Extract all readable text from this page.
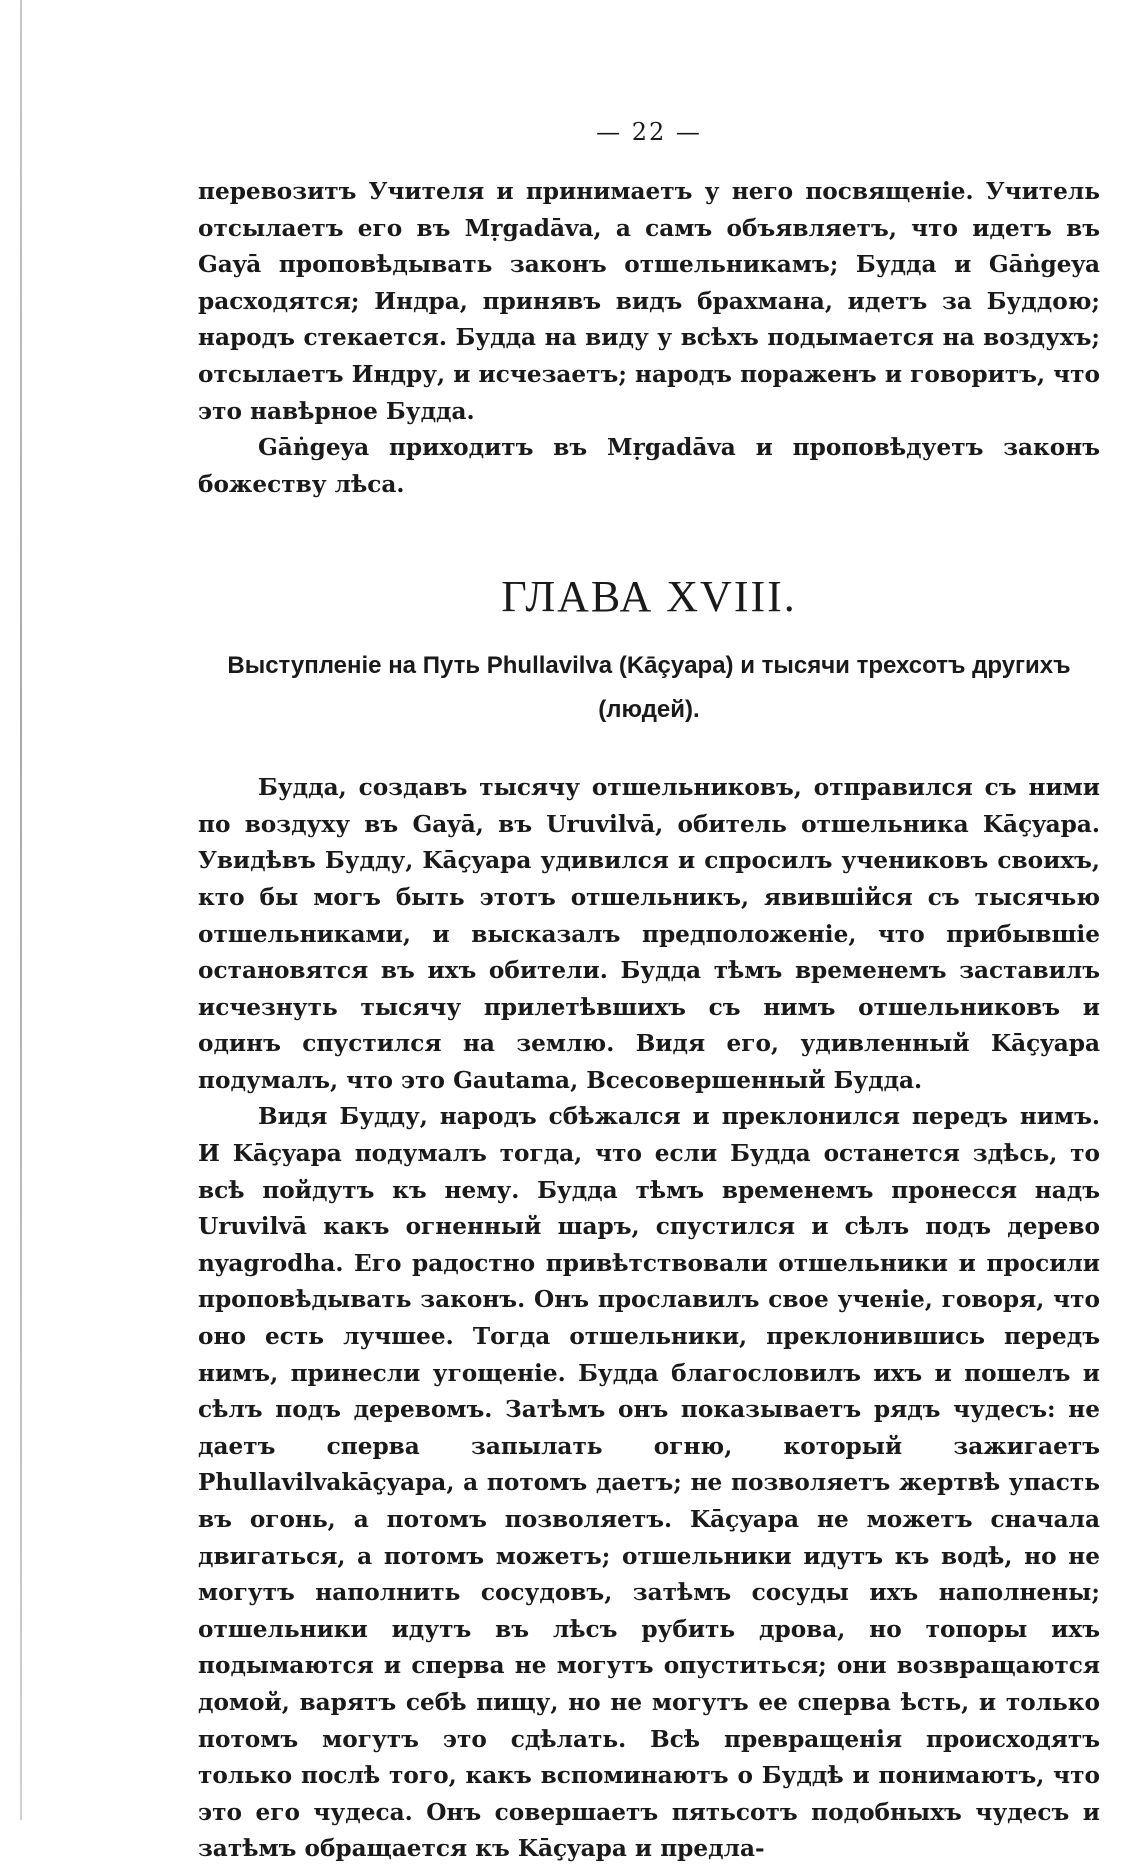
— 22 —

перевозитъ Учителя и принимаетъ у него посвященіе. Учитель отсылаетъ его въ Mṛgadāva, а самъ объявляетъ, что идетъ въ Gayā проповѣдывать законъ отшельникамъ; Будда и Gāṅgeya расходятся; Индра, принявъ видъ брахмана, идетъ за Буддою; народъ стекается. Будда на виду у всѣхъ подымается на воздухъ; отсылаетъ Индру, и исчезаетъ; народъ пораженъ и говоритъ, что это навѣрное Будда.

Gāṅgeya приходитъ въ Mṛgadāva и проповѣдуетъ законъ божеству лѣса.

ГЛАВА XVIII.
Выступленіе на Путь Phullavilva (Kāçyapa) и тысячи трехсотъ другихъ (людей).

Будда, создавъ тысячу отшельниковъ, отправился съ ними по воздуху въ Gayā, въ Uruvilvā, обитель отшельника Kāçyapa. Увидѣвъ Будду, Kāçyapa удивился и спросилъ учениковъ своихъ, кто бы могъ быть этотъ отшельникъ, явившійся съ тысячью отшельниками, и высказалъ предположеніе, что прибывшіе остановятся въ ихъ обители. Будда тѣмъ временемъ заставилъ исчезнуть тысячу прилетѣвшихъ съ нимъ отшельниковъ и одинъ спустился на землю. Видя его, удивленный Kāçyapa подумалъ, что это Gautama, Всесовершенный Будда.

Видя Будду, народъ сбѣжался и преклонился передъ нимъ. И Kāçyapa подумалъ тогда, что если Будда останется здѣсь, то всѣ пойдутъ къ нему. Будда тѣмъ временемъ пронесся надъ Uruvilvā какъ огненный шаръ, спустился и сѣлъ подъ дерево nyagrodha. Его радостно привѣтствовали отшельники и просили проповѣдывать законъ. Онъ прославилъ свое ученіе, говоря, что оно есть лучшее. Тогда отшельники, преклонившись передъ нимъ, принесли угощеніе. Будда благословилъ ихъ и пошелъ и сѣлъ подъ деревомъ. Затѣмъ онъ показываетъ рядъ чудесъ: не даетъ сперва запылать огню, который зажигаетъ Phullavilvakāçyapa, а потомъ даетъ; не позволяетъ жертвѣ упасть въ огонь, а потомъ позволяетъ. Kāçyapa не можетъ сначала двигаться, а потомъ можетъ; отшельники идутъ къ водѣ, но не могутъ наполнить сосудовъ, затѣмъ сосуды ихъ наполнены; отшельники идутъ въ лѣсъ рубить дрова, но топоры ихъ подымаются и сперва не могутъ опуститься; они возвращаются домой, варятъ себѣ пищу, но не могутъ ее сперва ѣсть, и только потомъ могутъ это сдѣлать. Всѣ превращенія происходятъ только послѣ того, какъ вспоминаютъ о Буддѣ и понимаютъ, что это его чудеса. Онъ совершаетъ пятьсотъ подобныхъ чудесъ и затѣмъ обращается къ Kāçyapa и предла-
